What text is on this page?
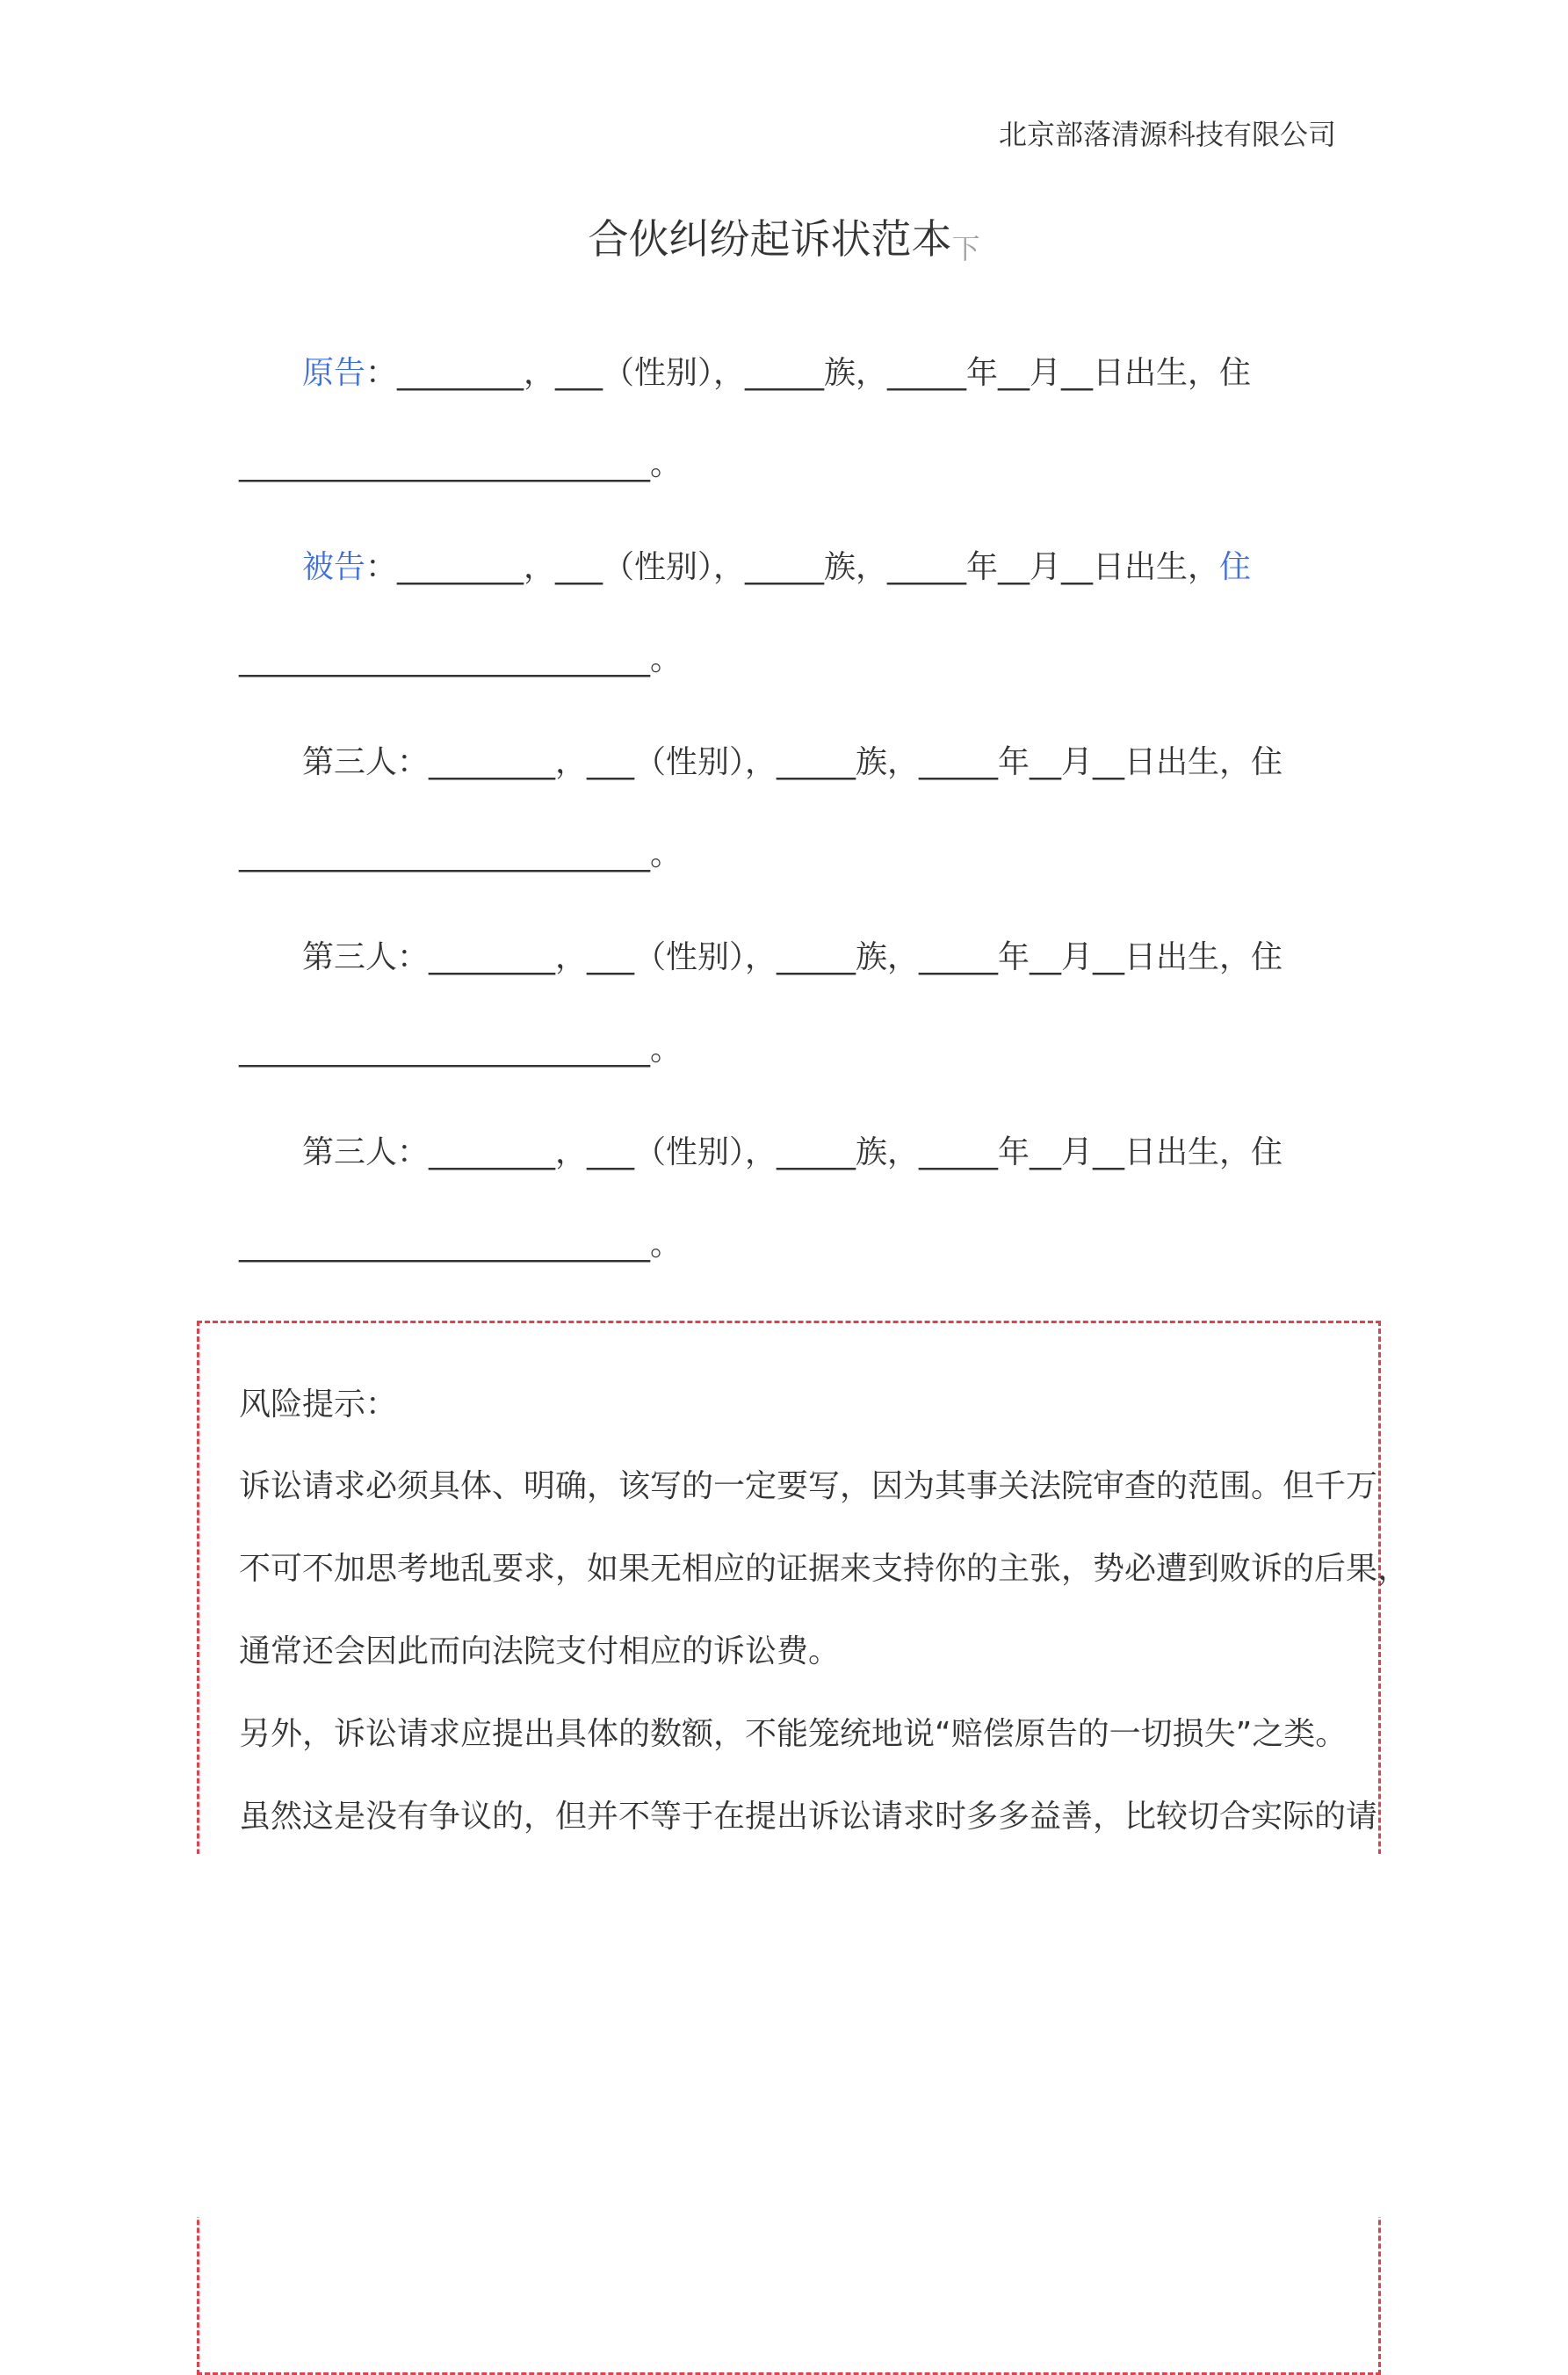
北京部落清源科技有限公司
合伙纠纷起诉状范本下
原告：________，___（性别），_____族，_____年__月__日出生，住
__________________________。
被告：________，___（性别），_____族，_____年__月__日出生，住
__________________________。
第三人：________，___（性别），_____族，_____年__月__日出生，住
__________________________。
第三人：________，___（性别），_____族，_____年__月__日出生，住
__________________________。
第三人：________，___（性别），_____族，_____年__月__日出生，住
__________________________。
风险提示：
诉讼请求必须具体、明确，该写的一定要写，因为其事关法院审查的范围。但千万
不可不加思考地乱要求，如果无相应的证据来支持你的主张，势必遭到败诉的后果，
通常还会因此而向法院支付相应的诉讼费。
另外，诉讼请求应提出具体的数额，不能笼统地说“赔偿原告的一切损失”之类。
虽然这是没有争议的，但并不等于在提出诉讼请求时多多益善，比较切合实际的请
